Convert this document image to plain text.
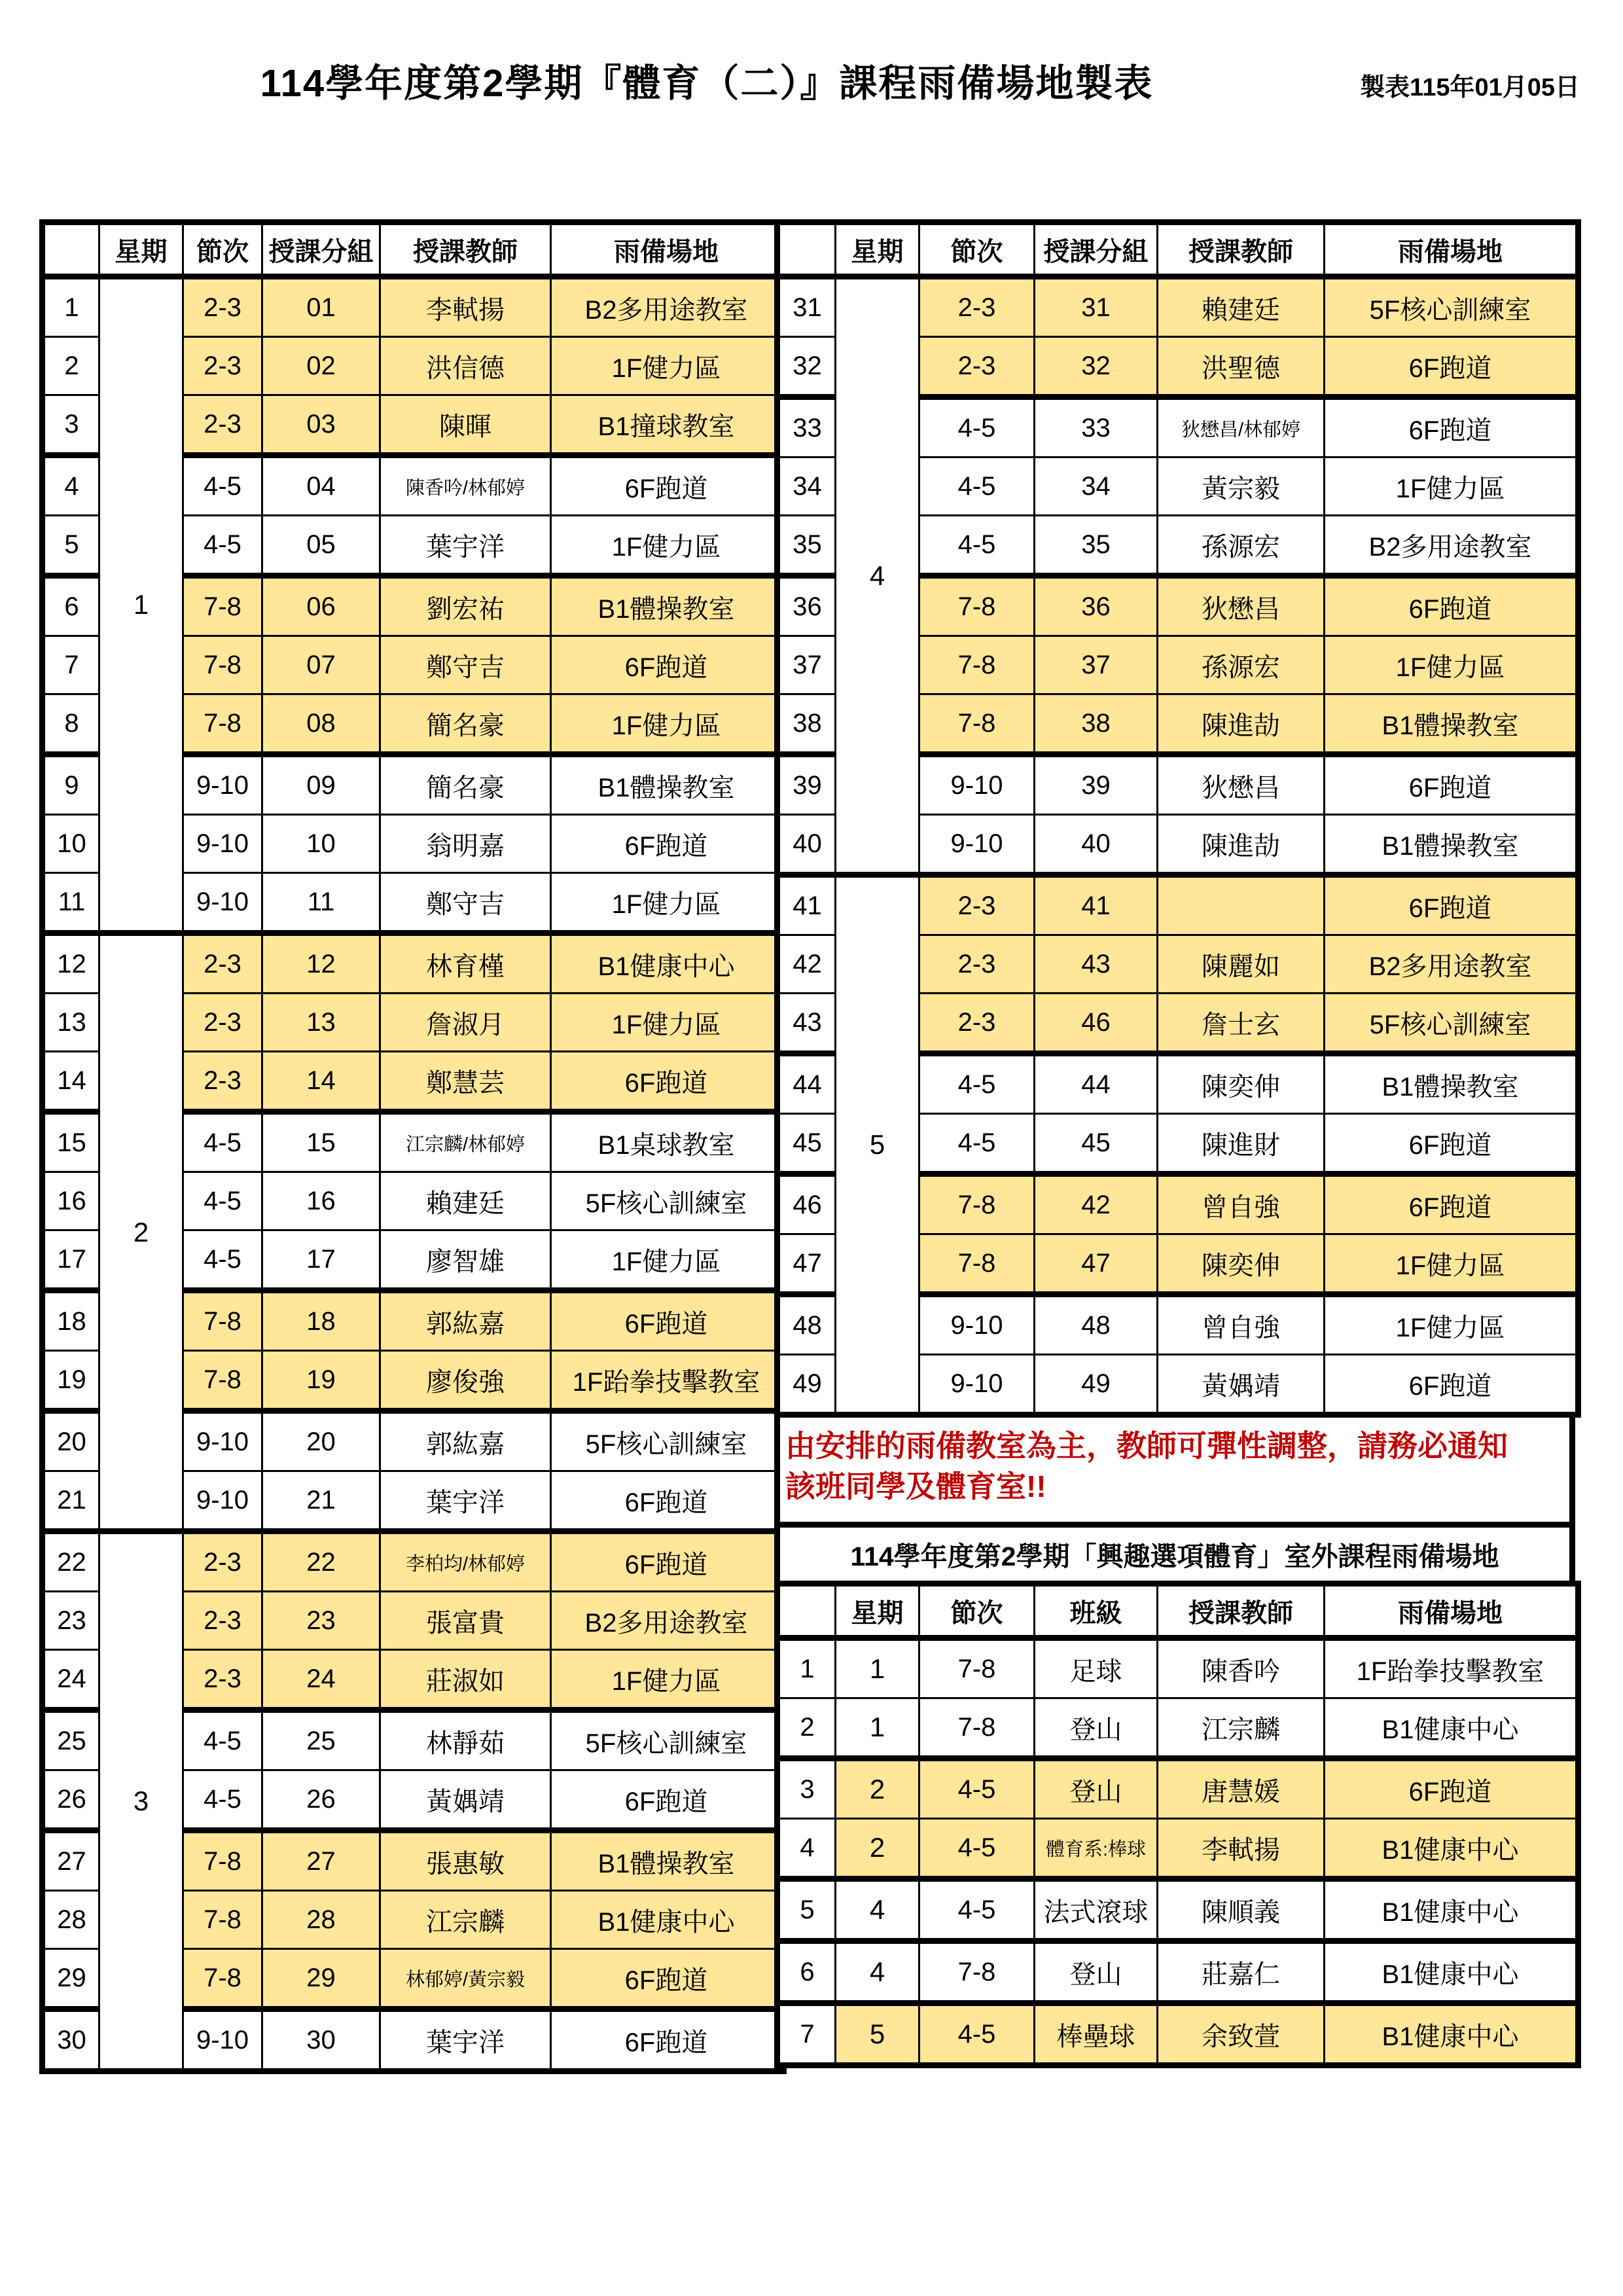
114學年度第2學期『體育（二）』課程雨備場地製表	製表115年01月05日
	星期	節次	授課分組	授課教師	雨備場地
1	1	2-3	01	李軾揚	B2多用途教室
2		2-3	02	洪信德	1F健力區
3		2-3	03	陳暉	B1撞球教室
4		4-5	04	陳香吟/林郁婷	6F跑道
5		4-5	05	葉宇洋	1F健力區
6		7-8	06	劉宏祐	B1體操教室
7		7-8	07	鄭守吉	6F跑道
8		7-8	08	簡名豪	1F健力區
9		9-10	09	簡名豪	B1體操教室
10		9-10	10	翁明嘉	6F跑道
11		9-10	11	鄭守吉	1F健力區
12	2	2-3	12	林育槿	B1健康中心
13		2-3	13	詹淑月	1F健力區
14		2-3	14	鄭慧芸	6F跑道
15		4-5	15	江宗麟/林郁婷	B1桌球教室
16		4-5	16	賴建廷	5F核心訓練室
17		4-5	17	廖智雄	1F健力區
18		7-8	18	郭紘嘉	6F跑道
19		7-8	19	廖俊強	1F跆拳技擊教室
20		9-10	20	郭紘嘉	5F核心訓練室
21		9-10	21	葉宇洋	6F跑道
22	3	2-3	22	李柏均/林郁婷	6F跑道
23		2-3	23	張富貴	B2多用途教室
24		2-3	24	莊淑如	1F健力區
25		4-5	25	林靜茹	5F核心訓練室
26		4-5	26	黃媀靖	6F跑道
27		7-8	27	張惠敏	B1體操教室
28		7-8	28	江宗麟	B1健康中心
29		7-8	29	林郁婷/黃宗毅	6F跑道
30		9-10	30	葉宇洋	6F跑道
	星期	節次	授課分組	授課教師	雨備場地
31	4	2-3	31	賴建廷	5F核心訓練室
32		2-3	32	洪聖德	6F跑道
33		4-5	33	狄懋昌/林郁婷	6F跑道
34		4-5	34	黃宗毅	1F健力區
35		4-5	35	孫源宏	B2多用途教室
36		7-8	36	狄懋昌	6F跑道
37		7-8	37	孫源宏	1F健力區
38		7-8	38	陳進劼	B1體操教室
39		9-10	39	狄懋昌	6F跑道
40		9-10	40	陳進劼	B1體操教室
41	5	2-3	41		6F跑道
42		2-3	43	陳麗如	B2多用途教室
43		2-3	46	詹士玄	5F核心訓練室
44		4-5	44	陳奕伸	B1體操教室
45		4-5	45	陳進財	6F跑道
46		7-8	42	曾自強	6F跑道
47		7-8	47	陳奕伸	1F健力區
48		9-10	48	曾自強	1F健力區
49		9-10	49	黃媀靖	6F跑道
由安排的雨備教室為主，教師可彈性調整，請務必通知
該班同學及體育室!!
114學年度第2學期「興趣選項體育」室外課程雨備場地
	星期	節次	班級	授課教師	雨備場地
1	1	7-8	足球	陳香吟	1F跆拳技擊教室
2	1	7-8	登山	江宗麟	B1健康中心
3	2	4-5	登山	唐慧媛	6F跑道
4	2	4-5	體育系:棒球	李軾揚	B1健康中心
5	4	4-5	法式滾球	陳順義	B1健康中心
6	4	7-8	登山	莊嘉仁	B1健康中心
7	5	4-5	棒壘球	余致萱	B1健康中心
